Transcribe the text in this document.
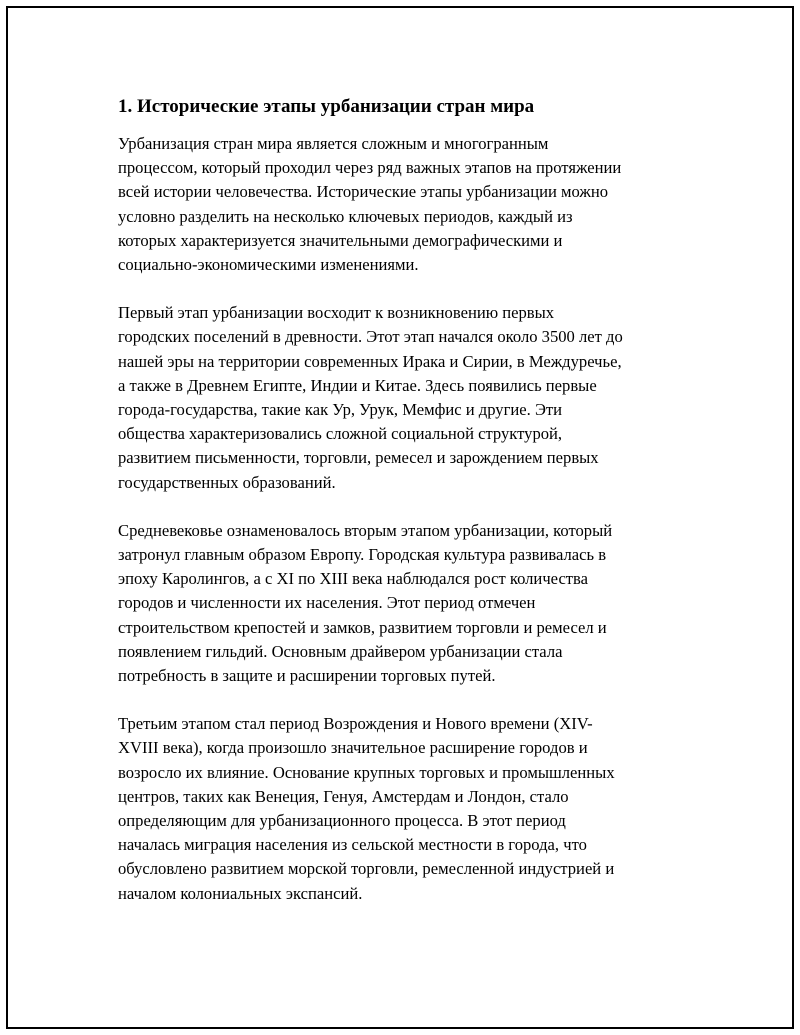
1. Исторические этапы урбанизации стран мира
Урбанизация стран мира является сложным и многогранным
процессом, который проходил через ряд важных этапов на протяжении
всей истории человечества. Исторические этапы урбанизации можно
условно разделить на несколько ключевых периодов, каждый из
которых характеризуется значительными демографическими и
социально-экономическими изменениями.
Первый этап урбанизации восходит к возникновению первых
городских поселений в древности. Этот этап начался около 3500 лет до
нашей эры на территории современных Ирака и Сирии, в Междуречье,
а также в Древнем Египте, Индии и Китае. Здесь появились первые
города-государства, такие как Ур, Урук, Мемфис и другие. Эти
общества характеризовались сложной социальной структурой,
развитием письменности, торговли, ремесел и зарождением первых
государственных образований.
Средневековье ознаменовалось вторым этапом урбанизации, который
затронул главным образом Европу. Городская культура развивалась в
эпоху Каролингов, а с XI по XIII века наблюдался рост количества
городов и численности их населения. Этот период отмечен
строительством крепостей и замков, развитием торговли и ремесел и
появлением гильдий. Основным драйвером урбанизации стала
потребность в защите и расширении торговых путей.
Третьим этапом стал период Возрождения и Нового времени (XIV-
XVIII века), когда произошло значительное расширение городов и
возросло их влияние. Основание крупных торговых и промышленных
центров, таких как Венеция, Генуя, Амстердам и Лондон, стало
определяющим для урбанизационного процесса. В этот период
началась миграция населения из сельской местности в города, что
обусловлено развитием морской торговли, ремесленной индустрией и
началом колониальных экспансий.
